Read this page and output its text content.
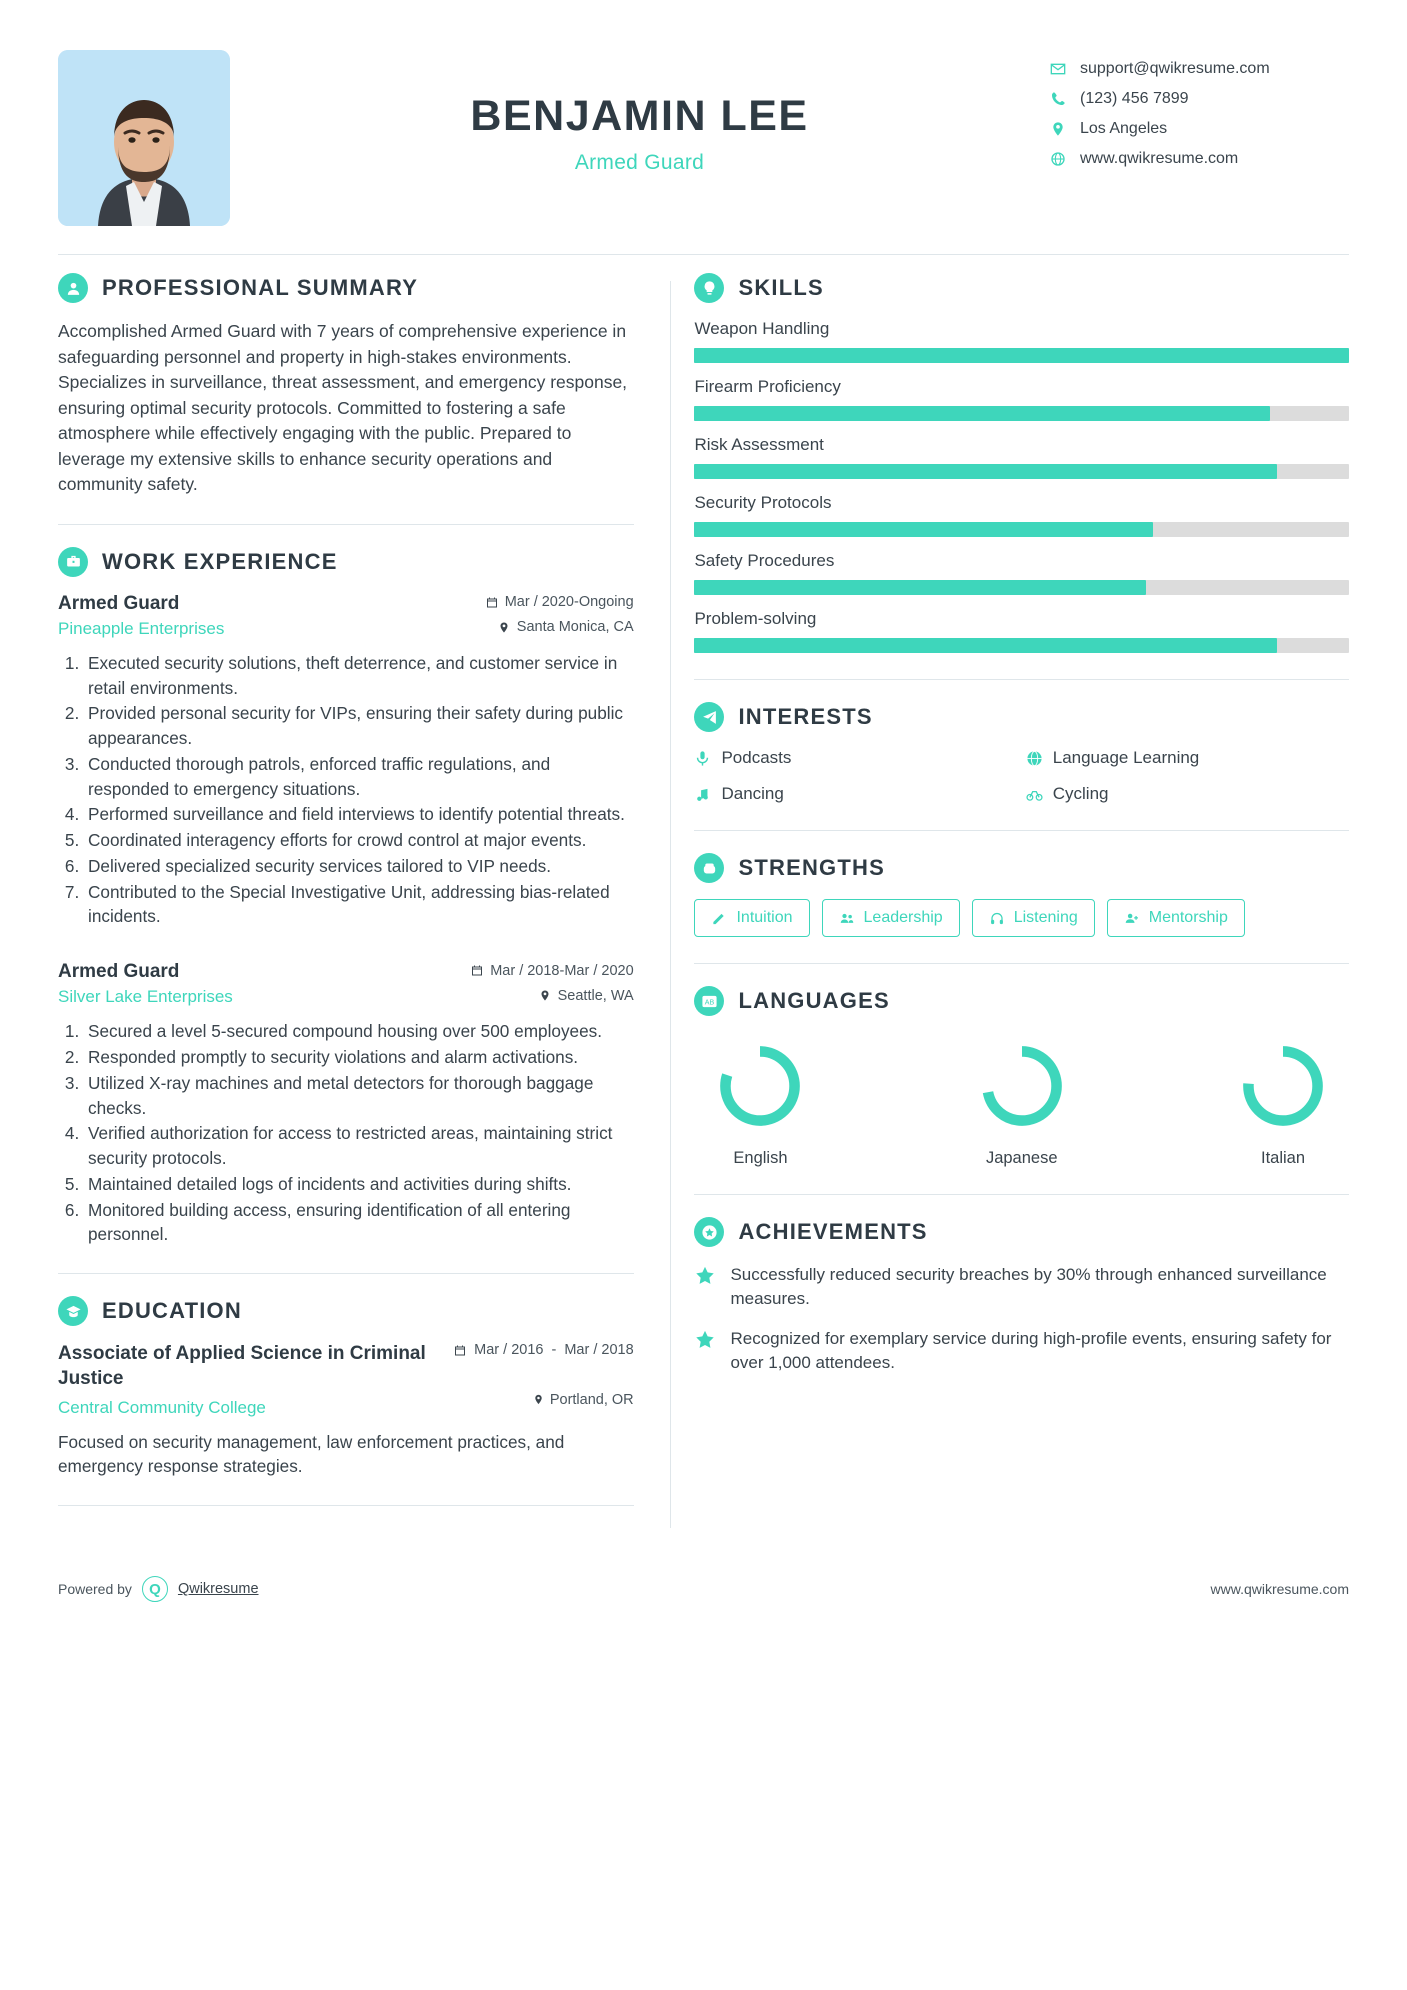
BENJAMIN LEE
Armed Guard
support@qwikresume.com
(123) 456 7899
Los Angeles
www.qwikresume.com
PROFESSIONAL SUMMARY
Accomplished Armed Guard with 7 years of comprehensive experience in safeguarding personnel and property in high-stakes environments. Specializes in surveillance, threat assessment, and emergency response, ensuring optimal security protocols. Committed to fostering a safe atmosphere while effectively engaging with the public. Prepared to leverage my extensive skills to enhance security operations and community safety.
WORK EXPERIENCE
Armed Guard	Mar / 2020-Ongoing
Pineapple Enterprises	Santa Monica, CA
1. Executed security solutions, theft deterrence, and customer service in retail environments.
2. Provided personal security for VIPs, ensuring their safety during public appearances.
3. Conducted thorough patrols, enforced traffic regulations, and responded to emergency situations.
4. Performed surveillance and field interviews to identify potential threats.
5. Coordinated interagency efforts for crowd control at major events.
6. Delivered specialized security services tailored to VIP needs.
7. Contributed to the Special Investigative Unit, addressing bias-related incidents.
Armed Guard	Mar / 2018-Mar / 2020
Silver Lake Enterprises	Seattle, WA
1. Secured a level 5-secured compound housing over 500 employees.
2. Responded promptly to security violations and alarm activations.
3. Utilized X-ray machines and metal detectors for thorough baggage checks.
4. Verified authorization for access to restricted areas, maintaining strict security protocols.
5. Maintained detailed logs of incidents and activities during shifts.
6. Monitored building access, ensuring identification of all entering personnel.
EDUCATION
Associate of Applied Science in Criminal Justice
Mar / 2016 - Mar / 2018
Central Community College	Portland, OR
Focused on security management, law enforcement practices, and emergency response strategies.
SKILLS
Weapon Handling
Firearm Proficiency
Risk Assessment
Security Protocols
Safety Procedures
Problem-solving
INTERESTS
Podcasts	Language Learning
Dancing	Cycling
STRENGTHS
Intuition	Leadership	Listening	Mentorship
AB LANGUAGES
English	Japanese	Italian
ACHIEVEMENTS
Successfully reduced security breaches by 30% through enhanced surveillance measures.
Recognized for exemplary service during high-profile events, ensuring safety for over 1,000 attendees.
Powered by	Q	Qwikresume	www.qwikresume.com
